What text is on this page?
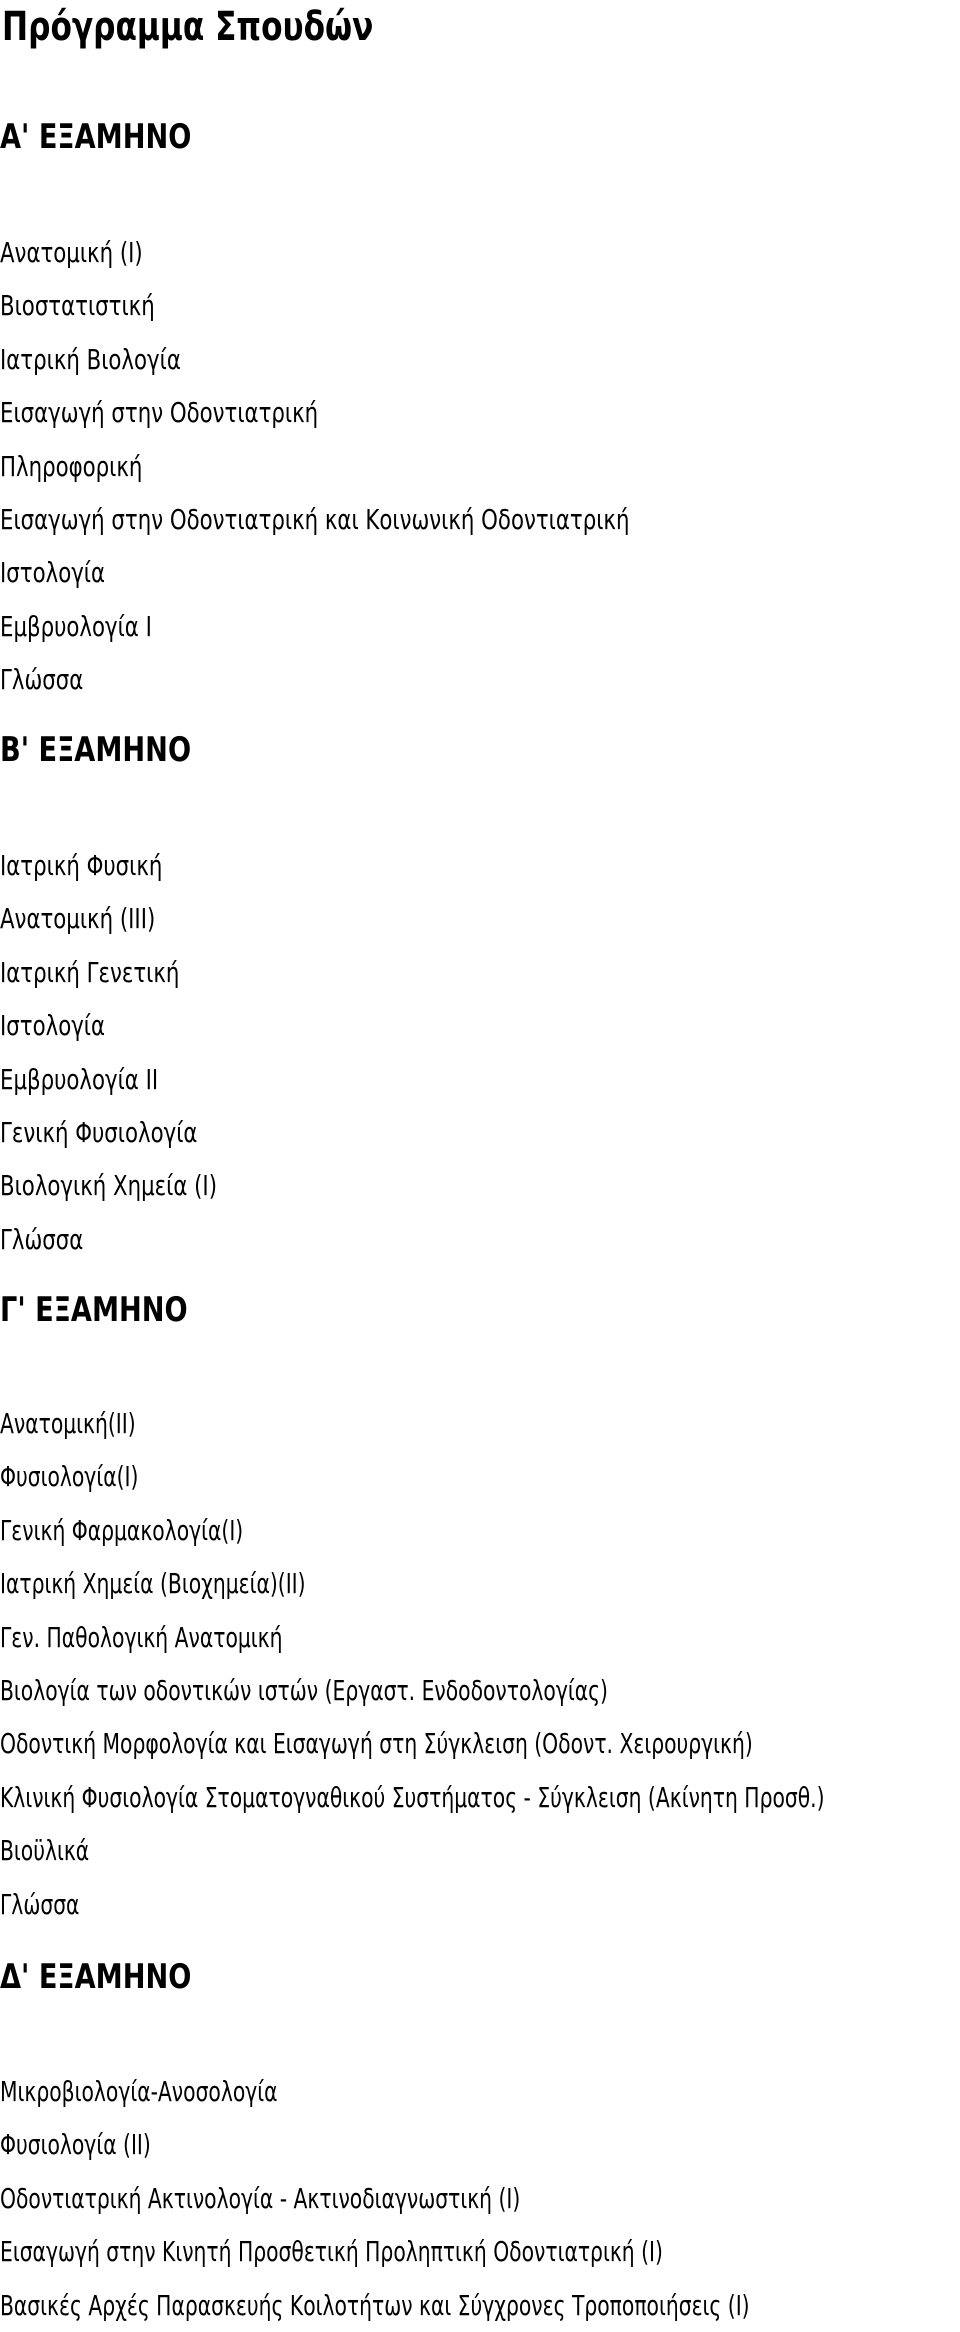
Πρόγραμμα Σπουδών
Α' ΕΞΑΜΗΝΟ
Ανατομική (Ι)
Βιοστατιστική
Ιατρική Βιολογία
Εισαγωγή στην Οδοντιατρική
Πληροφορική
Εισαγωγή στην Οδοντιατρική και Κοινωνική Οδοντιατρική
Ιστολογία
Εμβρυολογία Ι
Γλώσσα
Β' ΕΞΑΜΗΝΟ
Ιατρική Φυσική
Ανατομική (ΙΙΙ)
Ιατρική Γενετική
Ιστολογία
Εμβρυολογία ΙΙ
Γενική Φυσιολογία
Βιολογική Χημεία (Ι)
Γλώσσα
Γ' ΕΞΑΜΗΝΟ
Ανατομική(ΙΙ)
Φυσιολογία(Ι)
Γενική Φαρμακολογία(Ι)
Ιατρική Χημεία (Βιοχημεία)(ΙΙ)
Γεν. Παθολογική Ανατομική
Βιολογία των οδοντικών ιστών (Εργαστ. Ενδοδοντολογίας)
Οδοντική Μορφολογία και Εισαγωγή στη Σύγκλειση (Οδοντ. Χειρουργική)
Κλινική Φυσιολογία Στοματογναθικού Συστήματος - Σύγκλειση (Ακίνητη Προσθ.)
Βιοϋλικά
Γλώσσα
Δ' ΕΞΑΜΗΝΟ
Μικροβιολογία-Ανοσολογία
Φυσιολογία (ΙΙ)
Οδοντιατρική Ακτινολογία - Ακτινοδιαγνωστική (Ι)
Εισαγωγή στην Κινητή Προσθετική Προληπτική Οδοντιατρική (Ι)
Βασικές Αρχές Παρασκευής Κοιλοτήτων και Σύγχρονες Τροποποιήσεις (Ι)
